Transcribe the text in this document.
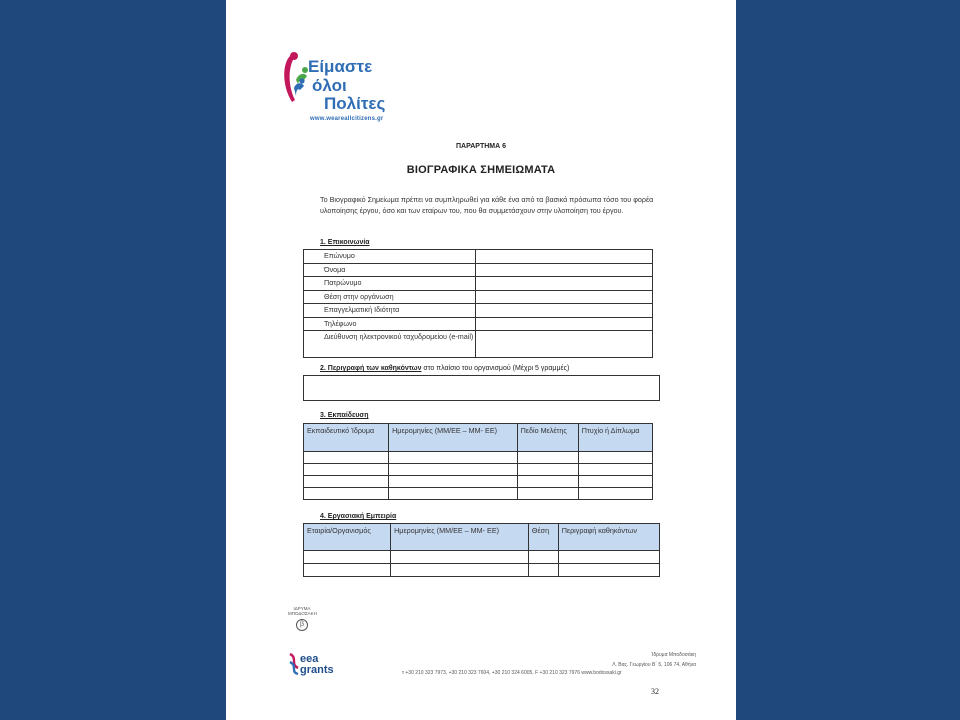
Είμαστε
όλοι
Πολίτες
www.weareallcitizens.gr
ΠΑΡΑΡΤΗΜΑ 6
ΒΙΟΓΡΑΦΙΚΑ ΣΗΜΕΙΩΜΑΤΑ
Το Βιογραφικό Σημείωμα πρέπει να συμπληρωθεί για κάθε ένα από τα βασικά πρόσωπα τόσο του φορέα υλοποίησης έργου, όσο και των εταίρων του, που θα συμμετάσχουν στην υλοποίηση του έργου.
1. Επικοινωνία
Επώνυμο	
Όνομα	
Πατρώνυμο	
Θέση στην οργάνωση	
Επαγγελματική Ιδιότητα	
Τηλέφωνο	
Διεύθυνση ηλεκτρονικού ταχυδρομείου (e-mail)	
2. Περιγραφή των καθηκόντων στο πλαίσιο του οργανισμού (Μέχρι 5 γραμμές)
3. Εκπαίδευση
Εκπαιδευτικό Ίδρυμα	Ημερομηνίες (ΜΜ/ΕΕ – ΜΜ- ΕΕ)	Πεδίο Μελέτης	Πτυχίο ή Δίπλωμα

4. Εργασιακή Εμπειρία
Εταιρία/Οργανισμός	Ημερομηνίες (ΜΜ/ΕΕ – ΜΜ- ΕΕ)	Θέση	Περιγραφή καθηκόντων

ΙΔΡΥΜΑ ΜΠΟΔΟΣΑΚΗ
β
eea grants
Ίδρυμα Μποδοσάκη
Λ. Βας. Γεωργίου Β΄ 5, 106 74, Αθήνα
τ +30 210 323 7973, +30 210 323 7604, +30 210 324 6005, F +30 210 323 7976 www.bodossaki.gr
32
